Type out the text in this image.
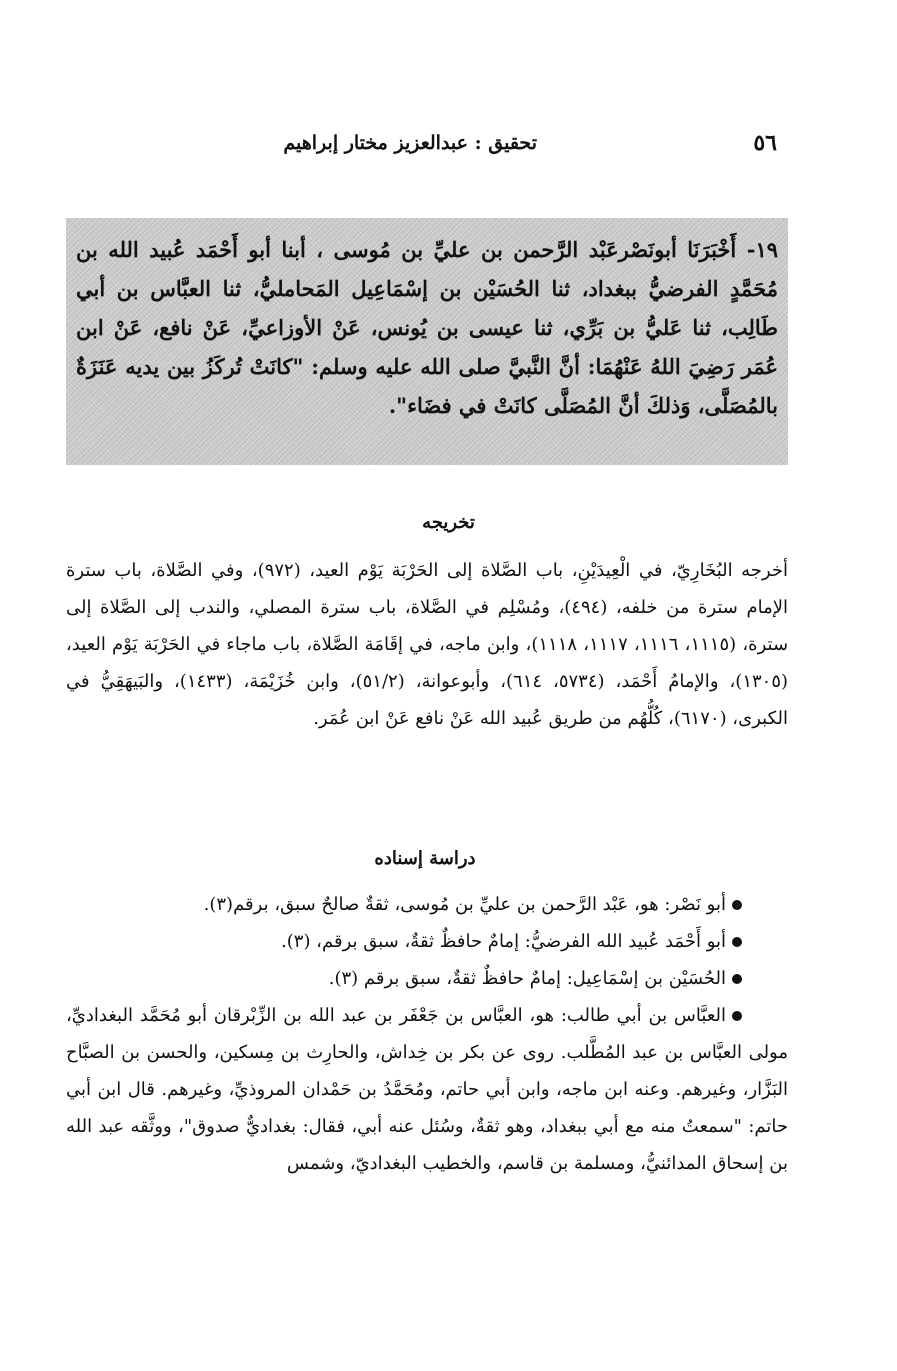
٥٦
تحقيق : عبدالعزيز مختار إبراهيم

١٩- أَخْبَرَنَا أبونَصْرعَبْد الرَّحمن بن عليِّ بن مُوسى ، أبنا أبو أَحْمَد عُبيد الله بن مُحَمَّدٍ الفرضيُّ ببغداد، ثنا الحُسَيْن بن إسْمَاعِيل المَحامليُّ، ثنا العبَّاس بن أبي طَالِب، ثنا عَليُّ بن بَرِّي، ثنا عيسى بن يُونس، عَنْ الأوزاعيِّ، عَنْ نافع، عَنْ ابن عُمَر رَضِيَ اللهُ عَنْهُمَا: أنَّ النَّبيَّ صلى الله عليه وسلم: "كانَتْ تُركَزُ بين يديه عَنَزَةٌ بالمُصَلَّى، وَذلكَ أنَّ المُصَلَّى كانَتْ في فضَاء".

تخريجه

أخرجه البُخَارِيّ، في الْعِيدَيْنِ، باب الصَّلاة إلى الحَرْبَة يَوْم العيد، (٩٧٢)، وفي الصَّلاة، باب سترة الإمام سترة من خلفه، (٤٩٤)، ومُسْلِم في الصَّلاة، باب سترة المصلي، والندب إلى الصَّلاة إلى سترة، (١١١٥، ١١١٦، ١١١٧، ١١١٨)، وابن ماجه، في إقَامَة الصَّلاة، باب ماجاء في الحَرْبَة يَوْم العيد، (١٣٠٥)، والإمامُ أَحْمَد، (٥٧٣٤، ٦١٤)، وأبوعوانة، (٥١/٢)، وابن خُزَيْمَة، (١٤٣٣)، والبَيهَقِيُّ في الكبرى، (٦١٧٠)، كُلُّهُم من طريق عُبيد الله عَنْ نافع عَنْ ابن عُمَر.

دراسة إسناده
أبو نَصْر: هو، عَبْد الرَّحمن بن عليِّ بن مُوسى، ثقةٌ صالحٌ سبق، برقم(٣).
أبو أَحْمَد عُبيد الله الفرضيُّ: إمامٌ حافظٌ ثقةٌ، سبق برقم، (٣).
الحُسَيْن بن إسْمَاعِيل: إمامٌ حافظٌ ثقةٌ، سبق برقم (٣).
العبَّاس بن أبي طالب: هو، العبَّاس بن جَعْفَر بن عبد الله بن الزِّبْرقان أبو مُحَمَّد البغداديِّ، مولى العبَّاس بن عبد المُطَّلب. روى عن بكر بن خِداش، والحارِث بن مِسكين، والحسن بن الصبَّاح البَزَّار، وغيرهم. وعنه ابن ماجه، وابن أبي حاتم، ومُحَمَّدُ بن حَمْدان المروذيِّ، وغيرهم. قال ابن أبي حاتم: "سمعتُ منه مع أبي ببغداد، وهو ثقةٌ، وسُئل عنه أبي، فقال: بغداديٌّ صدوق"، ووثَّقه عبد الله بن إسحاق المدائنيُّ، ومسلمة بن قاسم، والخطيب البغداديّ، وشمس
